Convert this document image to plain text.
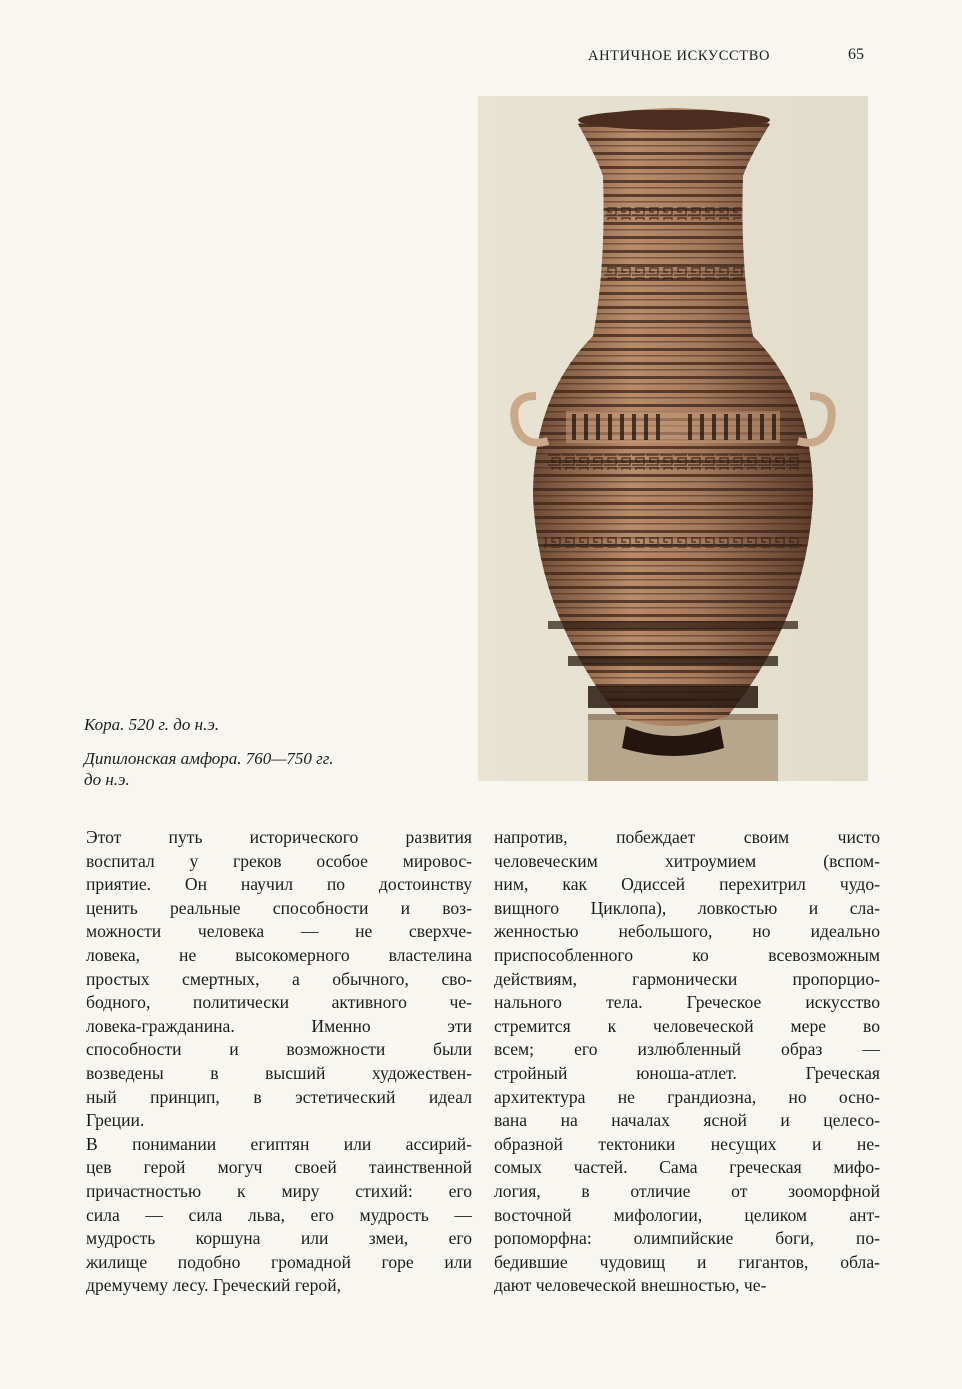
АНТИЧНОЕ ИСКУССТВО	65

Кора. 520 г. до н.э.

Дипилонская амфора. 760—750 гг.
до н.э.

Этот путь исторического развития
воспитал у греков особое мировос-
приятие. Он научил по достоинству
ценить реальные способности и воз-
можности человека — не сверхче-
ловека, не высокомерного властелина
простых смертных, а обычного, сво-
бодного, политически активного че-
ловека-гражданина. Именно эти
способности и возможности были
возведены в высший художествен-
ный принцип, в эстетический идеал
Греции.

В понимании египтян или ассирий-
цев герой могуч своей таинственной
причастностью к миру стихий: его
сила — сила льва, его мудрость —
мудрость коршуна или змеи, его
жилище подобно громадной горе или
дремучему лесу. Греческий герой,

напротив, побеждает своим чисто
человеческим хитроумием (вспом-
ним, как Одиссей перехитрил чудо-
вищного Циклопа), ловкостью и сла-
женностью небольшого, но идеально
приспособленного ко всевозможным
действиям, гармонически пропорцио-
нального тела. Греческое искусство
стремится к человеческой мере во
всем; его излюбленный образ —
стройный юноша-атлет. Греческая
архитектура не грандиозна, но осно-
вана на началах ясной и целесо-
образной тектоники несущих и не-
сомых частей. Сама греческая мифо-
логия, в отличие от зооморфной
восточной мифологии, целиком ант-
ропоморфна: олимпийские боги, по-
бедившие чудовищ и гигантов, обла-
дают человеческой внешностью, че-
